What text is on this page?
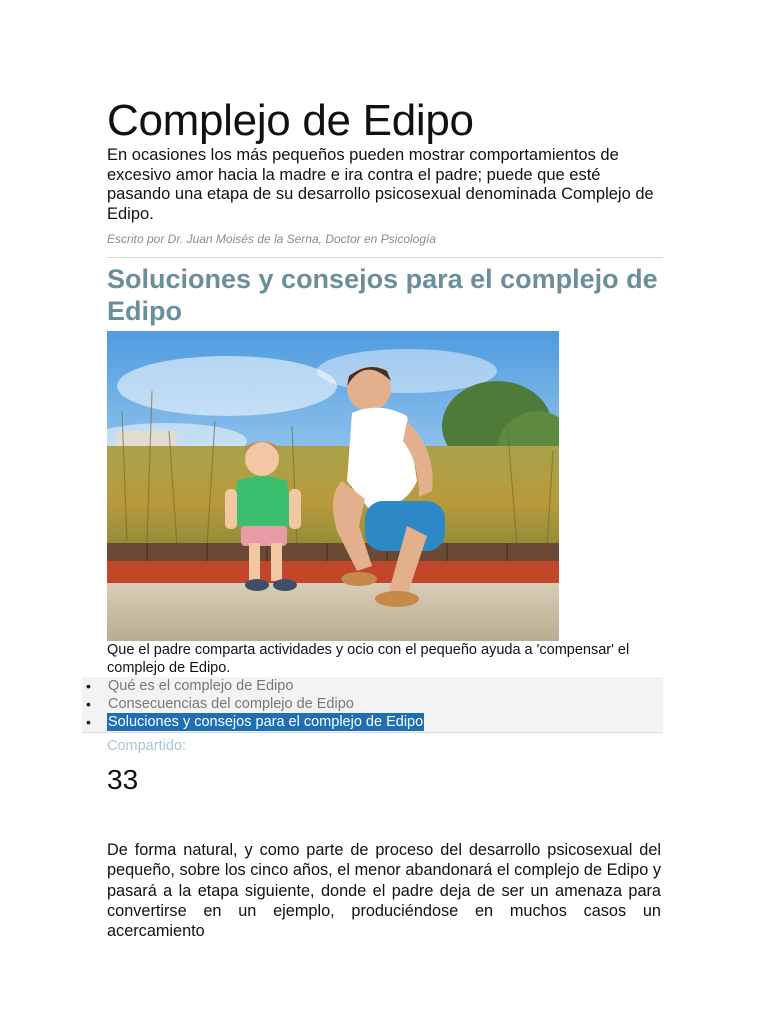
Complejo de Edipo

En ocasiones los más pequeños pueden mostrar comportamientos de excesivo amor hacia la madre e ira contra el padre; puede que esté pasando una etapa de su desarrollo psicosexual denominada Complejo de Edipo.

Escrito por Dr. Juan Moisés de la Serna, Doctor en Psicología

Soluciones y consejos para el complejo de Edipo

Que el padre comparta actividades y ocio con el pequeño ayuda a 'compensar' el complejo de Edipo.

• Qué es el complejo de Edipo
• Consecuencias del complejo de Edipo
• Soluciones y consejos para el complejo de Edipo

Compartido:

33

De forma natural, y como parte de proceso del desarrollo psicosexual del pequeño, sobre los cinco años, el menor abandonará el complejo de Edipo y pasará a la etapa siguiente, donde el padre deja de ser un amenaza para convertirse en un ejemplo, produciéndose en muchos casos un acercamiento
